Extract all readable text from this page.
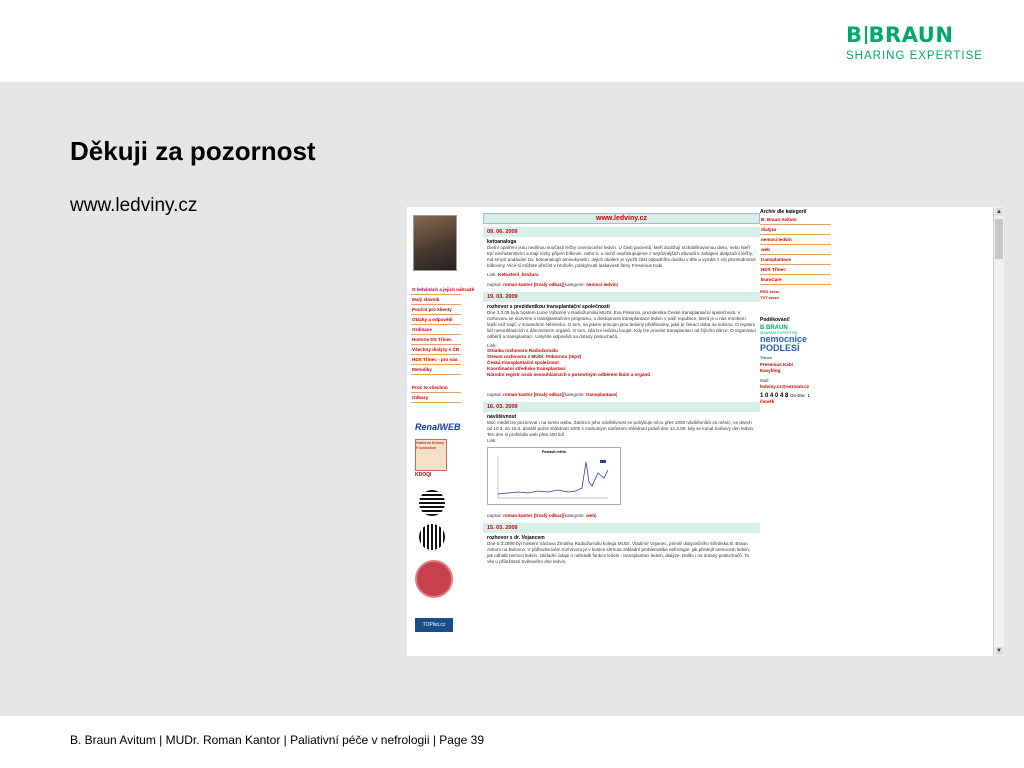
B BRAUN
SHARING EXPERTISE
Děkuji za pozornost
www.ledviny.cz
O ledvinách a jejich náhradě
Malý slovník
Pouční pro klienty
Otázky a odpovědi
Ordinace
Historie DS Třinec
Všechny dialýzy v ČR
HDS Třinec - pro nás
Metodiky
Proč to všechno
Odkazy
RenalWEB
National Kidney Foundation
KDOQI
TOPlist.cz
www.ledviny.cz
09. 06. 2009
ketoanaloga
Dietní opatření jsou nedílnou součástí léčby onemocnění ledvin. U části pacientů, kteří dodržují nízkobílkovinnou dietu, nebo kteří trpí nechutenstvím a mají nízký příjem bílkovin, nebo b, u nichž nepřistupujeme z nejrůznějších důvodů k zahájení dialyzační léčby, má smysl podávání tzv. ketoanalogů aminokyselin. Jejich úkolem je využít část odpadního dusíku v těle a vyrobit z něj plnohodnotné bílkoviny. Více si můžete přečíst v brožuře, poskytnuté laskavostí firmy Fresenius Kabi
Link: Ketosteril_brožura
napsal: roman kantor [trvalý odkaz][kategorie: nemoci ledvin]
19. 03. 2009
rozhovor s prezidentkou transplantační společnosti
Dne 3.3.09 byla hostem Lucie Výborné v Radiožurnálu MUDr. Eva Pokorná, prezidentka České transplantační společnosti. V rozhovoru se dozvíme o transplantačním programu, o dostupnosti transplantace ledvin v naší republice, která je u nás mnohem lepší než např. v sousedním Německu. O tom, na jakém principu jsou ledviny přidělovány, jaké je čekací doba na ledvinu. O registru lidí nesouhlasících s dárcovstvím orgánů. O tom, zda lze ledvinu koupit. Kdy lze provést transplantaci od žijícího dárce. O organizaci odběrů a transplantací. Uslyšíte odpovědi na dotazy posluchačů.
Link:
Stránka rozhovoru Radiožurnálu
Stream rozhovoru s MUDr. Pokornou (mp3)
Česká transplantační společnost
Koordinační středisko transplantací
Národní registr osob nesouhlasících s posmrtným odběrem tkání a orgánů
napsal: roman kantor [trvalý odkaz][kategorie: transplantace]
16. 03. 2009
návštěvnost
Moc mediil lze pozorovat i na tomto webu. Zatímco jeho návštěvnost se pohybuje něco přes 1000 návštěvníků za měsíc, ve dnech od 10.3. do 15.3. dosáhl počet shlédnutí 1000 s mohutným nárůstem shlédnutí právě dne 12.3.09, kdy se konal Světový den ledvin. Ten den si prohlédlo web přes 400 lidí
Link:
Postavit refelo
napsal: roman kantor [trvalý odkaz][kategorie: web]
15. 03. 2009
rozhovor s dr. Vojancem
Dne 6.3.2009 byl hostem Václava Žmolíka Radiožurnálu kolega MUDr. Vladimír Vojanec, primář dialyzačního střediska B. Braun Avitum na Bulovce. V půlhodinovém rozhovoru je v kostce shrnuta základní problematika nefrologie: jak předejít nemocem ledvin, jak odhalit nemoci ledvin, základní údaje o náhradě funkce ledvin - transplantaci ledvin, dialýze. Došlo i na dotazy posluchačů. To vše u příležitosti Světového dne ledvin.
Archív dle kategorií
B. Braun Avitum
dialýza
nemoci ledvin
web
transplantace
HDS Třinec
EuroCare
RSS verze
TXT verze
Poděkování!
B BRAUN
SHARING EXPERTISE
nemocnice
PODLESÍ
Třinec
Fresenius Kabi
Easyblog
Mail:
ledviny.cz@seznam.cz
1 0 4 0 4 8 On-line: 1
člověk
▲
▼
B. Braun Avitum | MUDr. Roman Kantor | Paliativní péče v nefrologii | Page 39
